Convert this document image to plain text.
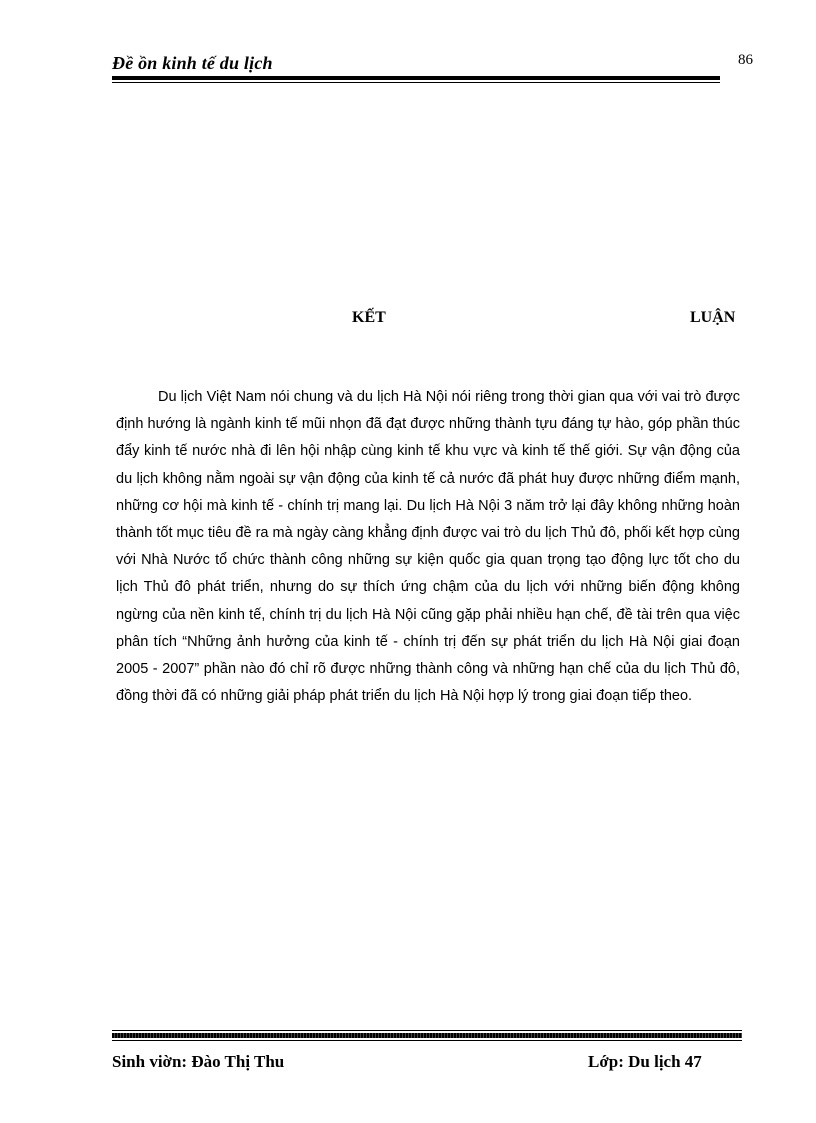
Đề ồn kinh tế du lịch	86
KẾT	LUẬN

Du lịch Việt Nam nói chung và du lịch Hà Nội nói riêng trong thời gian qua với vai trò được định hướng là ngành kinh tế mũi nhọn đã đạt được những thành tựu đáng tự hào, góp phần thúc đẩy kinh tế nước nhà đi lên hội nhập cùng kinh tế khu vực và kinh tế thế giới. Sự vận động của du lịch không nằm ngoài sự vận động của kinh tế cả nước đã phát huy được những điểm mạnh, những cơ hội mà kinh tế - chính trị mang lại. Du lịch Hà Nội 3 năm trở lại đây không những hoàn thành tốt mục tiêu đề ra mà ngày càng khẳng định được vai trò du lịch Thủ đô, phối kết hợp cùng với Nhà Nước tổ chức thành công những sự kiện quốc gia quan trọng tạo động lực tốt cho du lịch Thủ đô phát triển, nhưng do sự thích ứng chậm của du lịch với những biến động không ngừng của nền kinh tế, chính trị du lịch Hà Nội cũng gặp phải nhiều hạn chế, đề tài trên qua việc phân tích “Những ảnh hưởng của kinh tế - chính trị đến sự phát triển du lịch Hà Nội giai đoạn 2005 - 2007” phần nào đó chỉ rõ được những thành công và những hạn chế của du lịch Thủ đô, đồng thời đã có những giải pháp phát triển du lịch Hà Nội hợp lý trong giai đoạn tiếp theo.

Sinh viờn: Đào Thị Thu	Lớp: Du lịch 47
